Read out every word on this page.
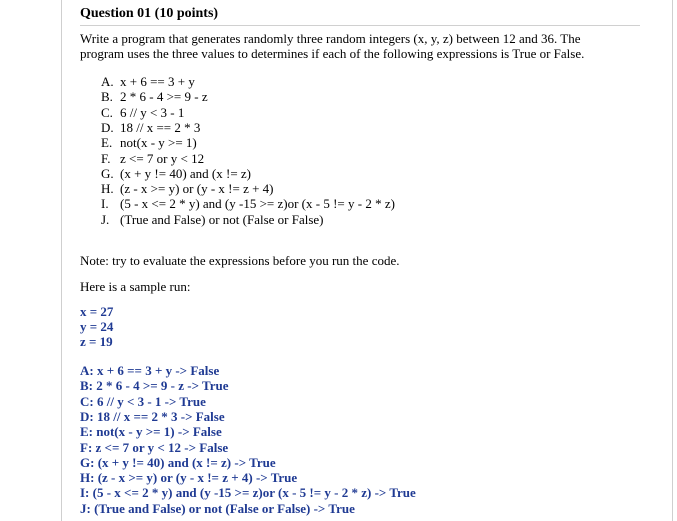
Question 01 (10 points)
Write a program that generates randomly three random integers (x, y, z) between 12 and 36. The
program uses the three values to determines if each of the following expressions is True or False.
A. x + 6 == 3 + y
B. 2 * 6 - 4 >= 9 - z
C. 6 // y < 3 - 1
D. 18 // x == 2 * 3
E. not(x - y >= 1)
F. z <= 7 or y < 12
G. (x + y != 40) and (x != z)
H. (z - x >= y) or (y - x != z + 4)
I. (5 - x <= 2 * y) and (y -15 >= z)or (x - 5 != y - 2 * z)
J. (True and False) or not (False or False)
Note: try to evaluate the expressions before you run the code.
Here is a sample run:
x = 27
y = 24
z = 19
A: x + 6 == 3 + y -> False
B: 2 * 6 - 4 >= 9 - z -> True
C: 6 // y < 3 - 1 -> True
D: 18 // x == 2 * 3 -> False
E: not(x - y >= 1) -> False
F: z <= 7 or y < 12 -> False
G: (x + y != 40) and (x != z) -> True
H: (z - x >= y) or (y - x != z + 4) -> True
I: (5 - x <= 2 * y) and (y -15 >= z)or (x - 5 != y - 2 * z) -> True
J: (True and False) or not (False or False) -> True
